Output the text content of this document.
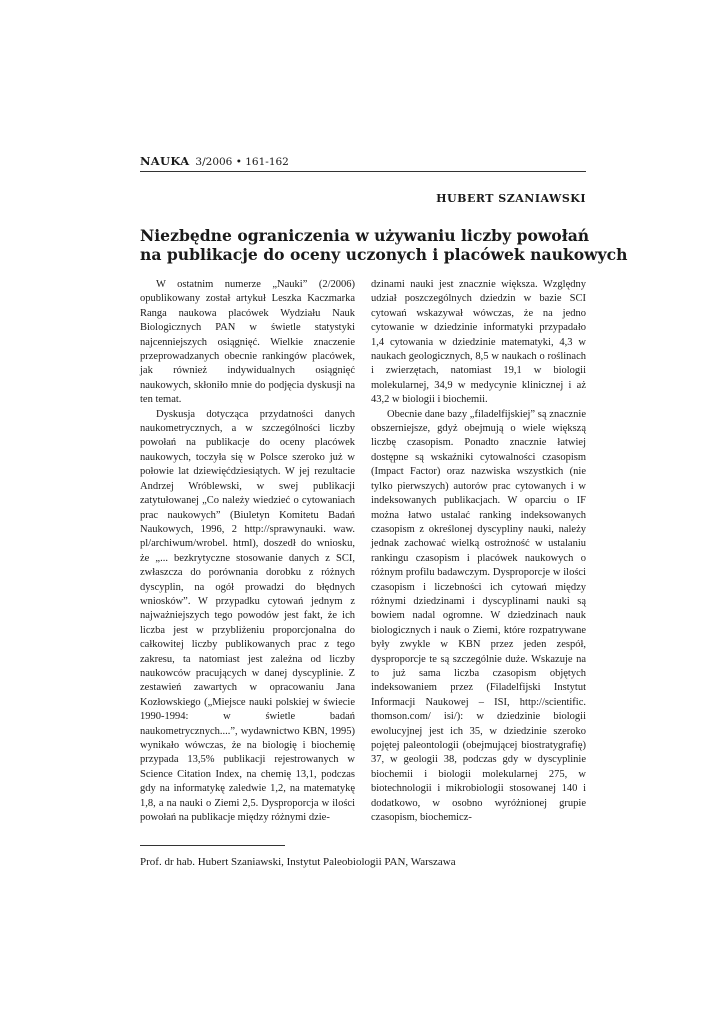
NAUKA 3/2006 • 161-162
HUBERT SZANIAWSKI
Niezbędne ograniczenia w używaniu liczby powołań
na publikacje do oceny uczonych i placówek naukowych

W ostatnim numerze „Nauki” (2/2006) opublikowany został artykuł Leszka Kaczmarka Ranga naukowa placówek Wydziału Nauk Biologicznych PAN w świetle statystyki najcenniejszych osiągnięć. Wielkie znaczenie przeprowadzanych obecnie rankingów placówek, jak również indywidualnych osiągnięć naukowych, skłoniło mnie do podjęcia dyskusji na ten temat.

Dyskusja dotycząca przydatności danych naukometrycznych, a w szczególności liczby powołań na publikacje do oceny placówek naukowych, toczyła się w Polsce szeroko już w połowie lat dziewięćdziesiątych. W jej rezultacie Andrzej Wróblewski, w swej publikacji zatytułowanej „Co należy wiedzieć o cytowaniach prac naukowych” (Biuletyn Komitetu Badań Naukowych, 1996, 2 http://sprawynauki. waw. pl/archiwum/wrobel. html), doszedł do wniosku, że „... bezkrytyczne stosowanie danych z SCI, zwłaszcza do porównania dorobku z różnych dyscyplin, na ogół prowadzi do błędnych wniosków”. W przypadku cytowań jednym z najważniejszych tego powodów jest fakt, że ich liczba jest w przybliżeniu proporcjonalna do całkowitej liczby publikowanych prac z tego zakresu, ta natomiast jest zależna od liczby naukowców pracujących w danej dyscyplinie. Z zestawień zawartych w opracowaniu Jana Kozłowskiego („Miejsce nauki polskiej w świecie 1990-1994: w świetle badań naukometrycznych....”, wydawnictwo KBN, 1995) wynikało wówczas, że na biologię i biochemię przypada 13,5% publikacji rejestrowanych w Science Citation Index, na chemię 13,1, podczas gdy na informatykę zaledwie 1,2, na matematykę 1,8, a na nauki o Ziemi 2,5. Dysproporcja w ilości powołań na publikacje między różnymi dzie-

dzinami nauki jest znacznie większa. Względny udział poszczególnych dziedzin w bazie SCI cytowań wskazywał wówczas, że na jedno cytowanie w dziedzinie informatyki przypadało 1,4 cytowania w dziedzinie matematyki, 4,3 w naukach geologicznych, 8,5 w naukach o roślinach i zwierzętach, natomiast 19,1 w biologii molekularnej, 34,9 w medycynie klinicznej i aż 43,2 w biologii i biochemii.

Obecnie dane bazy „filadelfijskiej” są znacznie obszerniejsze, gdyż obejmują o wiele większą liczbę czasopism. Ponadto znacznie łatwiej dostępne są wskaźniki cytowalności czasopism (Impact Factor) oraz nazwiska wszystkich (nie tylko pierwszych) autorów prac cytowanych i w indeksowanych publikacjach. W oparciu o IF można łatwo ustalać ranking indeksowanych czasopism z określonej dyscypliny nauki, należy jednak zachować wielką ostrożność w ustalaniu rankingu czasopism i placówek naukowych o różnym profilu badawczym. Dysproporcje w ilości czasopism i liczebności ich cytowań między różnymi dziedzinami i dyscyplinami nauki są bowiem nadal ogromne. W dziedzinach nauk biologicznych i nauk o Ziemi, które rozpatrywane były zwykle w KBN przez jeden zespół, dysproporcje te są szczególnie duże. Wskazuje na to już sama liczba czasopism objętych indeksowaniem przez (Filadelfijski Instytut Informacji Naukowej – ISI, http://scientific. thomson.com/ isi/): w dziedzinie biologii ewolucyjnej jest ich 35, w dziedzinie szeroko pojętej paleontologii (obejmującej biostratygrafię) 37, w geologii 38, podczas gdy w dyscyplinie biochemii i biologii molekularnej 275, w biotechnologii i mikrobiologii stosowanej 140 i dodatkowo, w osobno wyróżnionej grupie czasopism, biochemicz-

Prof. dr hab. Hubert Szaniawski, Instytut Paleobiologii PAN, Warszawa
